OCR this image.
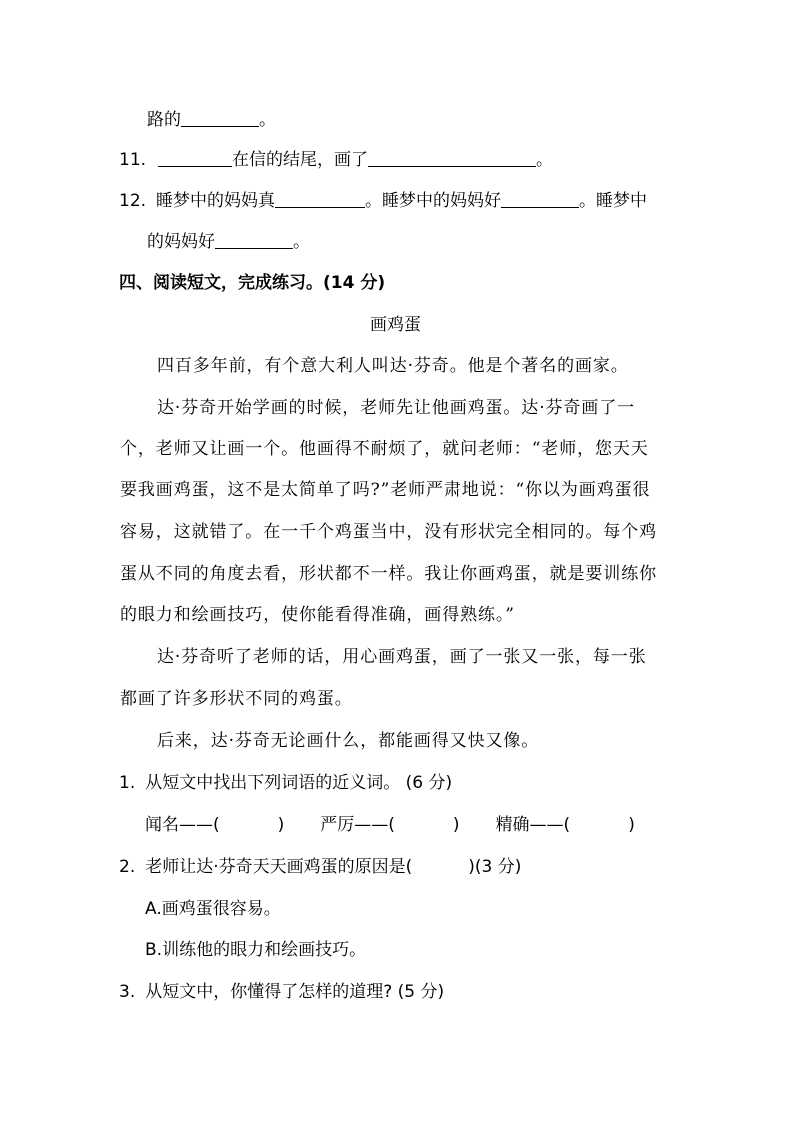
路的	。
11.	在信的结尾，画了	。
12. 睡梦中的妈妈真	。睡梦中的妈妈好	。睡梦中
的妈妈好	。
四、阅读短文，完成练习。(14 分)
画鸡蛋
四百多年前，有个意大利人叫达·芬奇。他是个著名的画家。
达·芬奇开始学画的时候，老师先让他画鸡蛋。达·芬奇画了一
个，老师又让画一个。他画得不耐烦了，就问老师：“老师，您天天
要我画鸡蛋，这不是太简单了吗?”老师严肃地说：“你以为画鸡蛋很
容易，这就错了。在一千个鸡蛋当中，没有形状完全相同的。每个鸡
蛋从不同的角度去看，形状都不一样。我让你画鸡蛋，就是要训练你
的眼力和绘画技巧，使你能看得准确，画得熟练。”
达·芬奇听了老师的话，用心画鸡蛋，画了一张又一张，每一张
都画了许多形状不同的鸡蛋。
后来，达·芬奇无论画什么，都能画得又快又像。
1. 从短文中找出下列词语的近义词。 (6 分)
闻名——(	) 严厉——(	) 精确——(	)
2. 老师让达·芬奇天天画鸡蛋的原因是(	)(3 分)
A.画鸡蛋很容易。
B.训练他的眼力和绘画技巧。
3. 从短文中，你懂得了怎样的道理? (5 分)
